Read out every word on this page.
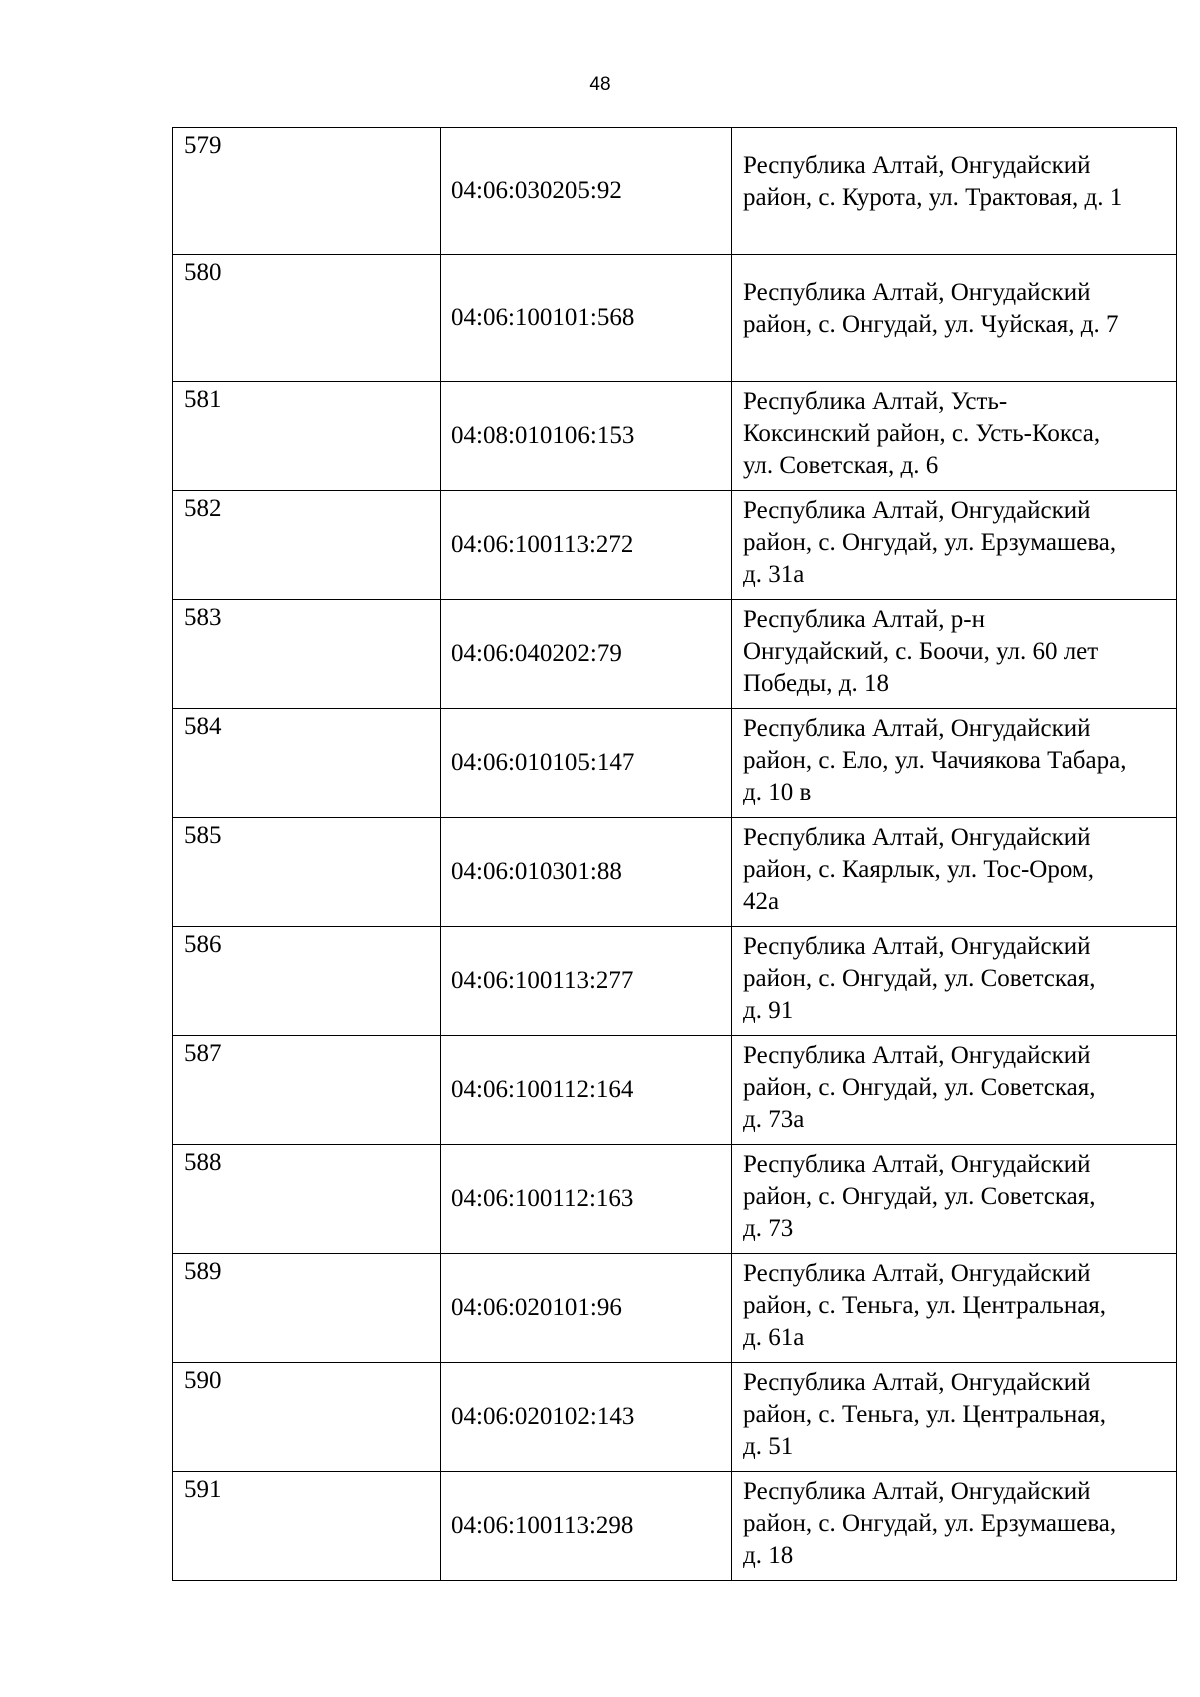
48
579	04:06:030205:92	Республика Алтай, Онгудайский
район, с. Курота, ул. Трактовая, д. 1

580	04:06:100101:568	Республика Алтай, Онгудайский
район, с. Онгудай, ул. Чуйская, д. 7

581	04:08:010106:153	Республика Алтай, Усть-
Коксинский район, с. Усть-Кокса,
ул. Советская, д. 6

582	04:06:100113:272	Республика Алтай, Онгудайский
район, с. Онгудай, ул. Ерзумашева,
д. 31а

583	04:06:040202:79	Республика Алтай, р-н
Онгудайский, с. Боочи, ул. 60 лет
Победы, д. 18

584	04:06:010105:147	Республика Алтай, Онгудайский
район, с. Ело, ул. Чачиякова Табара,
д. 10 в

585	04:06:010301:88	Республика Алтай, Онгудайский
район, с. Каярлык, ул. Тос-Ором,
42а

586	04:06:100113:277	Республика Алтай, Онгудайский
район, с. Онгудай, ул. Советская,
д. 91

587	04:06:100112:164	Республика Алтай, Онгудайский
район, с. Онгудай, ул. Советская,
д. 73а

588	04:06:100112:163	Республика Алтай, Онгудайский
район, с. Онгудай, ул. Советская,
д. 73

589	04:06:020101:96	Республика Алтай, Онгудайский
район, с. Теньга, ул. Центральная,
д. 61а

590	04:06:020102:143	Республика Алтай, Онгудайский
район, с. Теньга, ул. Центральная,
д. 51

591	04:06:100113:298	Республика Алтай, Онгудайский
район, с. Онгудай, ул. Ерзумашева,
д. 18
